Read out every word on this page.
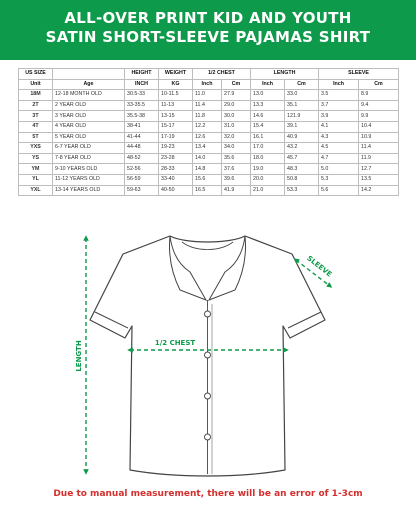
ALL-OVER PRINT KID AND YOUTH
SATIN SHORT-SLEEVE PAJAMAS SHIRT
US SIZE		HEIGHT	WEIGHT	1/2 CHEST		LENGTH		SLEEVE	
Unit	Age	INCH	KG	Inch	Cm	Inch	Cm	Inch	Cm
18M	12-18 MONTH OLD	30.5-33	10-11.5	11.0	27.9	13.0	33.0	3.5	8.9
2T	2 YEAR OLD	33-35.5	11-13	11.4	29.0	13.3	35.1	3.7	9.4
3T	3 YEAR OLD	35.5-38	13-15	11.8	30.0	14.6	121.9	3.9	9.9
4T	4 YEAR OLD	38-41	15-17	12.2	31.0	15.4	39.1	4.1	10.4
5T	5 YEAR OLD	41-44	17-19	12.6	32.0	16.1	40.9	4.3	10.9
YXS	6-7 YEAR OLD	44-48	19-23	13.4	34.0	17.0	43.2	4.5	11.4
YS	7-8 YEAR OLD	48-52	23-28	14.0	35.6	18.0	45.7	4.7	11.9
YM	9-10 YEARS OLD	52-56	28-33	14.8	37.6	19.0	48.3	5.0	12.7
YL	11-12 YEARS OLD	56-59	33-40	15.6	39.6	20.0	50.8	5.3	13.5
YXL	13-14 YEARS OLD	59-63	40-50	16.5	41.9	21.0	53.3	5.6	14.2
LENGTH	1/2 CHEST
SLEEVE
Due to manual measurement, there will be an error of 1-3cm
